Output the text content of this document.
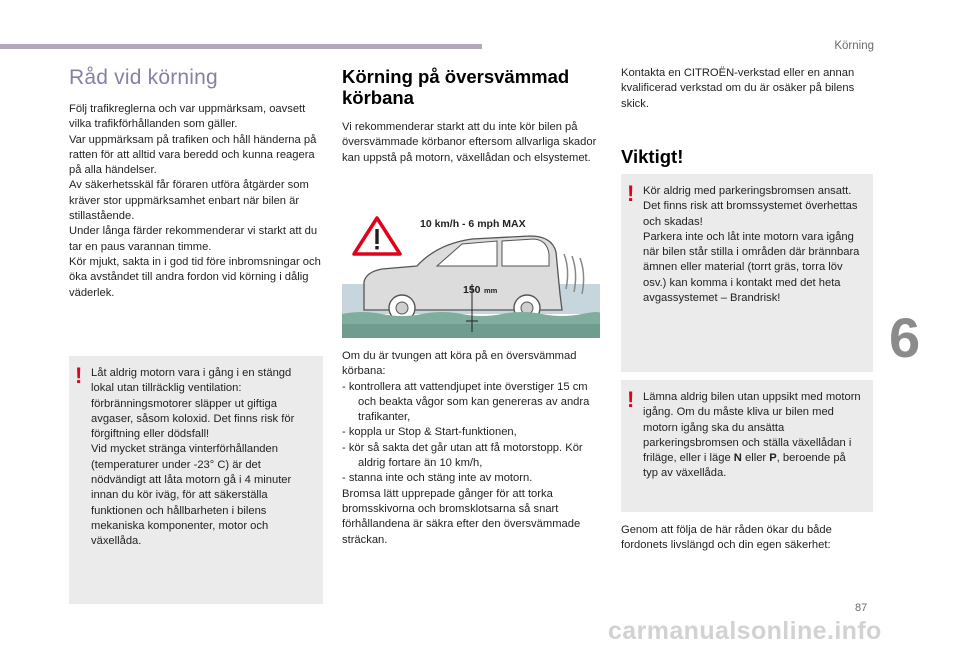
Körning
6
Råd vid körning

Följ trafikreglerna och var uppmärksam, oavsett vilka trafikförhållanden som gäller.
Var uppmärksam på trafiken och håll händerna på ratten för att alltid vara beredd och kunna reagera på alla händelser.
Av säkerhetsskäl får föraren utföra åtgärder som kräver stor uppmärksamhet enbart när bilen är stillastående.
Under långa färder rekommenderar vi starkt att du tar en paus varannan timme.
Kör mjukt, sakta in i god tid före inbromsningar och öka avståndet till andra fordon vid körning i dålig väderlek.

! Låt aldrig motorn vara i gång i en stängd lokal utan tillräcklig ventilation: förbränningsmotorer släpper ut giftiga avgaser, såsom koloxid. Det finns risk för förgiftning eller dödsfall!
Vid mycket stränga vinterförhållanden (temperaturer under -23° C) är det nödvändigt att låta motorn gå i 4 minuter innan du kör iväg, för att säkerställa funktionen och hållbarheten i bilens mekaniska komponenter, motor och växellåda.

Körning på översvämmad körbana

Vi rekommenderar starkt att du inte kör bilen på översvämmade körbanor eftersom allvarliga skador kan uppstå på motorn, växellådan och elsystemet.

10 km/h - 6 mph MAX
150 mm

Om du är tvungen att köra på en översvämmad körbana:

- kontrollera att vattendjupet inte överstiger 15 cm och beakta vågor som kan genereras av andra trafikanter,

- koppla ur Stop & Start-funktionen,

- kör så sakta det går utan att få motorstopp. Kör aldrig fortare än 10 km/h,

- stanna inte och stäng inte av motorn.

Bromsa lätt upprepade gånger för att torka bromsskivorna och bromsklotsarna så snart förhållandena är säkra efter den översvämmade sträckan.

Kontakta en CITROËN-verkstad eller en annan kvalificerad verkstad om du är osäker på bilens skick.

Viktigt!
! Kör aldrig med parkeringsbromsen ansatt. Det finns risk att bromssystemet överhettas och skadas!
Parkera inte och låt inte motorn vara igång när bilen står stilla i områden där brännbara ämnen eller material (torrt gräs, torra löv osv.) kan komma i kontakt med det heta avgassystemet – Brandrisk!

! Lämna aldrig bilen utan uppsikt med motorn igång. Om du måste kliva ur bilen med motorn igång ska du ansätta parkeringsbromsen och ställa växellådan i friläge, eller i läge N eller P, beroende på typ av växellåda.

Genom att följa de här råden ökar du både fordonets livslängd och din egen säkerhet:

87
carmanualsonline.info
